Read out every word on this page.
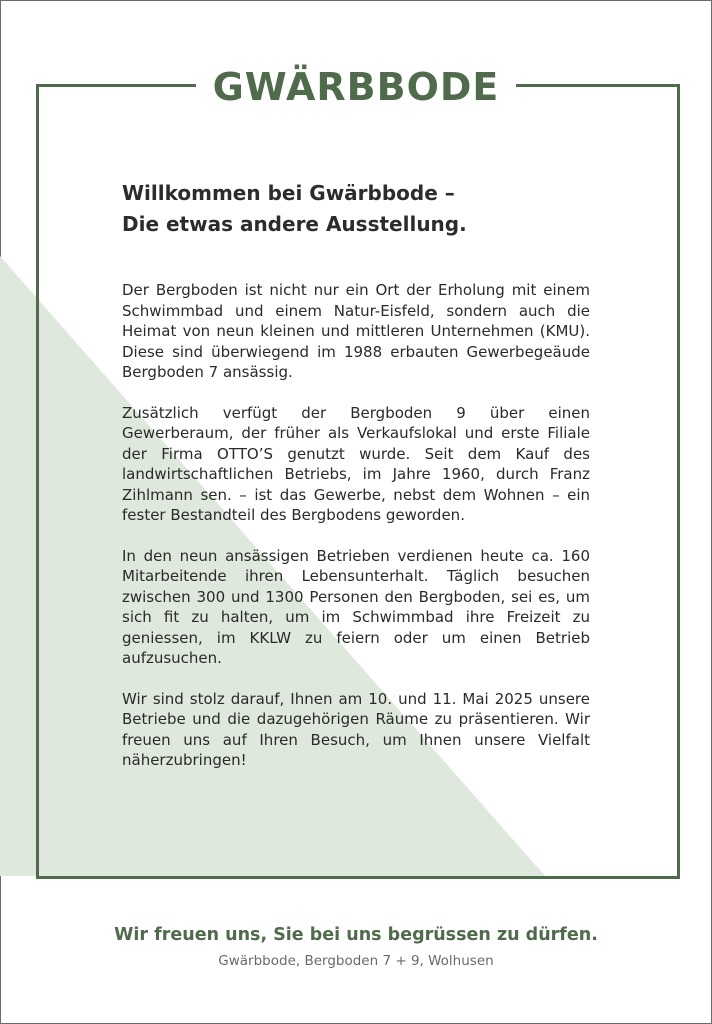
GWÄRBBODE
Willkommen bei Gwärbbode –
Die etwas andere Ausstellung.

Der Bergboden ist nicht nur ein Ort der Erholung mit einem Schwimmbad und einem Natur-Eisfeld, sondern auch die Heimat von neun kleinen und mittleren Unternehmen (KMU). Diese sind überwiegend im 1988 erbauten Gewerbegeäude Bergboden 7 ansässig.

Zusätzlich verfügt der Bergboden 9 über einen Gewerberaum, der früher als Verkaufslokal und erste Filiale der Firma OTTO’S genutzt wurde. Seit dem Kauf des landwirtschaftlichen Betriebs, im Jahre 1960, durch Franz Zihlmann sen. – ist das Gewerbe, nebst dem Wohnen – ein fester Bestandteil des Bergbodens geworden.

In den neun ansässigen Betrieben verdienen heute ca. 160 Mitarbeitende ihren Lebensunterhalt. Täglich besuchen zwischen 300 und 1300 Personen den Bergboden, sei es, um sich fit zu halten, um im Schwimmbad ihre Freizeit zu geniessen, im KKLW zu feiern oder um einen Betrieb aufzusuchen.

Wir sind stolz darauf, Ihnen am 10. und 11. Mai 2025 unsere Betriebe und die dazugehörigen Räume zu präsentieren. Wir freuen uns auf Ihren Besuch, um Ihnen unsere Vielfalt näherzubringen!

Wir freuen uns, Sie bei uns begrüssen zu dürfen.
Gwärbbode, Bergboden 7 + 9, Wolhusen
